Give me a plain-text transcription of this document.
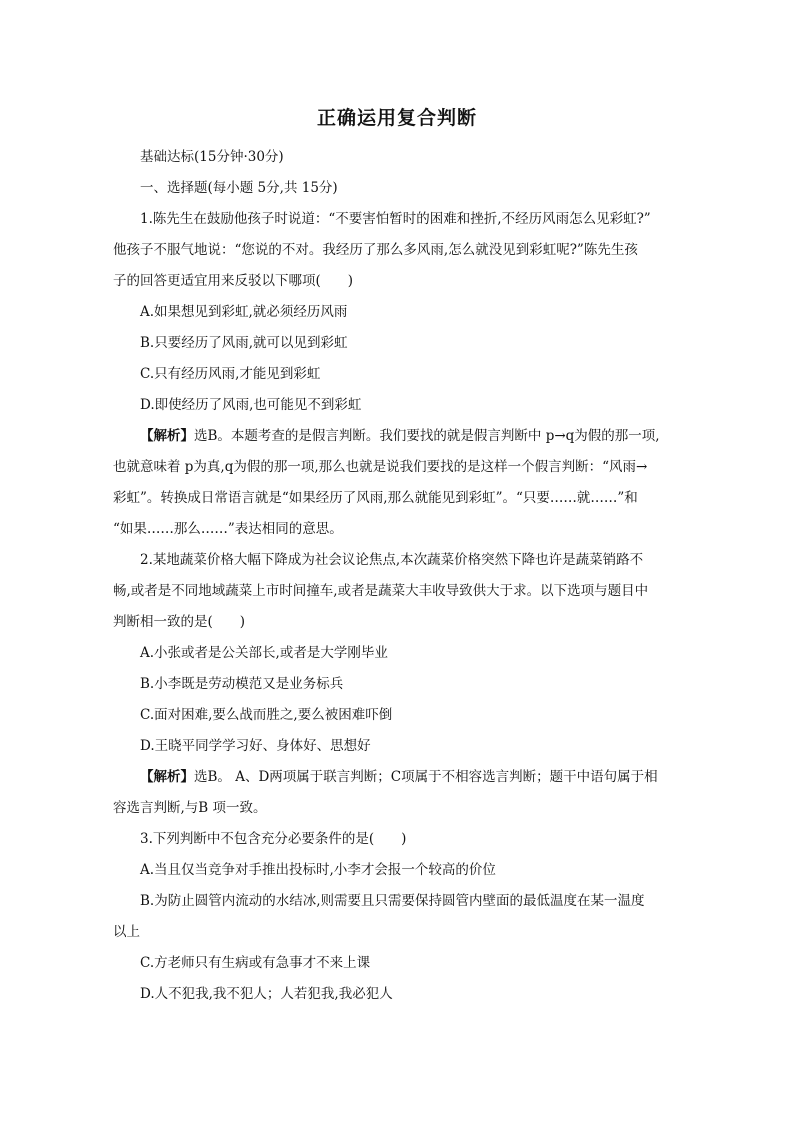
正确运用复合判断
基础达标(15分钟·30分)
一、选择题(每小题 5分,共 15分)
1.陈先生在鼓励他孩子时说道：“不要害怕暂时的困难和挫折,不经历风雨怎么见彩虹?”
他孩子不服气地说：“您说的不对。我经历了那么多风雨,怎么就没见到彩虹呢?”陈先生孩
子的回答更适宜用来反驳以下哪项(　　)
A.如果想见到彩虹,就必须经历风雨
B.只要经历了风雨,就可以见到彩虹
C.只有经历风雨,才能见到彩虹
D.即使经历了风雨,也可能见不到彩虹
【解析】选B。本题考查的是假言判断。我们要找的就是假言判断中 p→q为假的那一项,
也就意味着 p为真,q为假的那一项,那么也就是说我们要找的是这样一个假言判断：“风雨→
彩虹”。转换成日常语言就是“如果经历了风雨,那么就能见到彩虹”。“只要……就……”和
“如果……那么……”表达相同的意思。
2.某地蔬菜价格大幅下降成为社会议论焦点,本次蔬菜价格突然下降也许是蔬菜销路不
畅,或者是不同地域蔬菜上市时间撞车,或者是蔬菜大丰收导致供大于求。以下选项与题目中
判断相一致的是(　　)
A.小张或者是公关部长,或者是大学刚毕业
B.小李既是劳动模范又是业务标兵
C.面对困难,要么战而胜之,要么被困难吓倒
D.王晓平同学学习好、身体好、思想好
【解析】选B。 A、D两项属于联言判断；C项属于不相容选言判断；题干中语句属于相
容选言判断,与B 项一致。
3.下列判断中不包含充分必要条件的是(　　)
A.当且仅当竞争对手推出投标时,小李才会报一个较高的价位
B.为防止圆管内流动的水结冰,则需要且只需要保持圆管内壁面的最低温度在某一温度
以上
C.方老师只有生病或有急事才不来上课
D.人不犯我,我不犯人；人若犯我,我必犯人
